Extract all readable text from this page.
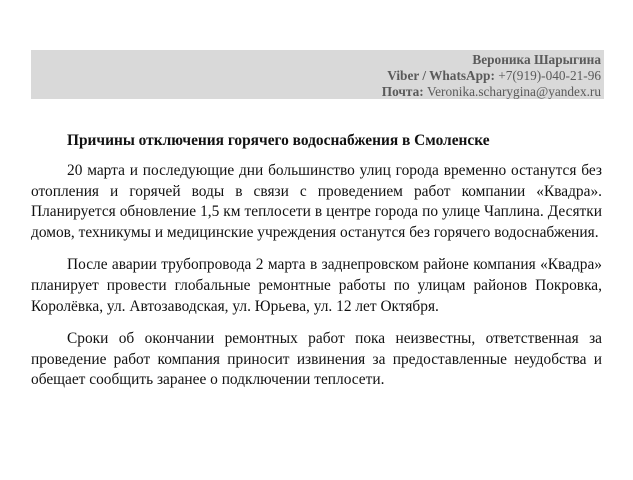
Вероника Шарыгина
Viber / WhatsApp: +7(919)-040-21-96
Почта: Veronika.scharygina@yandex.ru
Причины отключения горячего водоснабжения в Смоленске

20 марта и последующие дни большинство улиц города временно останутся без отопления и горячей воды в связи с проведением работ компании «Квадра». Планируется обновление 1,5 км теплосети в центре города по улице Чаплина. Десятки домов, техникумы и медицинские учреждения останутся без горячего водоснабжения.

После аварии трубопровода 2 марта в заднепровском районе компания «Квадра» планирует провести глобальные ремонтные работы по улицам районов Покровка, Королёвка, ул. Автозаводская, ул. Юрьева, ул. 12 лет Октября.

Сроки об окончании ремонтных работ пока неизвестны, ответственная за проведение работ компания приносит извинения за предоставленные неудобства и обещает сообщить заранее о подключении теплосети.
